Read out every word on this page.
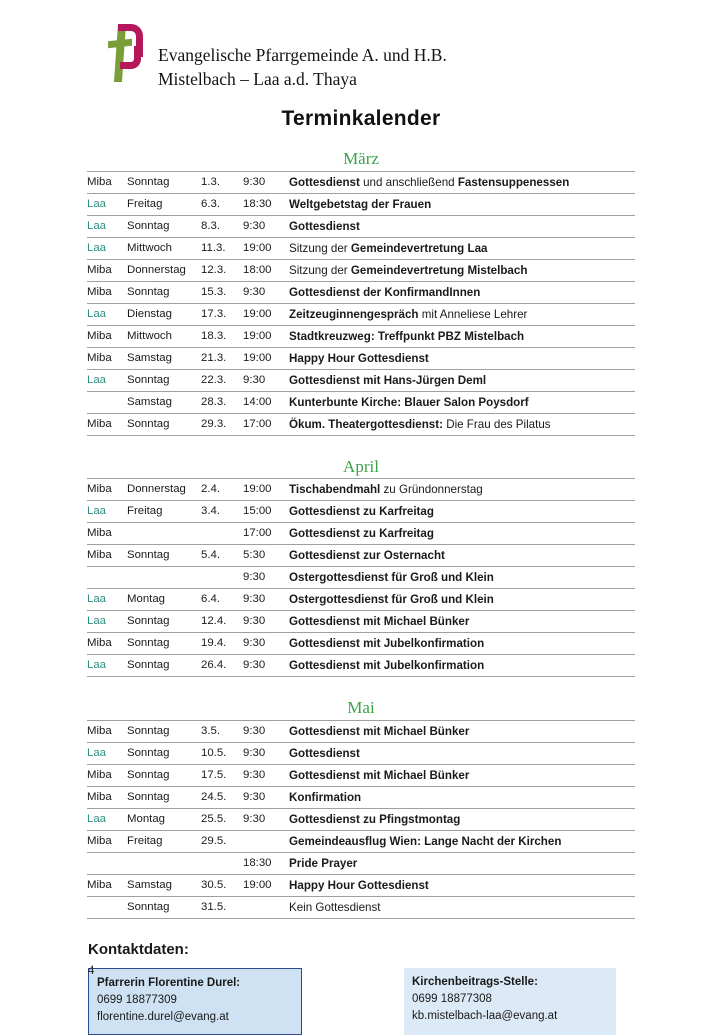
Evangelische Pfarrgemeinde A. und H.B.
Mistelbach – Laa a.d. Thaya
Terminkalender
März				
Miba	Sonntag	1.3.	9:30	Gottesdienst und anschließend Fastensuppenessen
Laa	Freitag	6.3.	18:30	Weltgebetstag der Frauen
Laa	Sonntag	8.3.	9:30	Gottesdienst
Laa	Mittwoch	11.3.	19:00	Sitzung der Gemeindevertretung Laa
Miba	Donnerstag	12.3.	18:00	Sitzung der Gemeindevertretung Mistelbach
Miba	Sonntag	15.3.	9:30	Gottesdienst der KonfirmandInnen
Laa	Dienstag	17.3.	19:00	Zeitzeuginnengespräch mit Anneliese Lehrer
Miba	Mittwoch	18.3.	19:00	Stadtkreuzweg: Treffpunkt PBZ Mistelbach
Miba	Samstag	21.3.	19:00	Happy Hour Gottesdienst
Laa	Sonntag	22.3.	9:30	Gottesdienst mit Hans-Jürgen Deml
	Samstag	28.3.	14:00	Kunterbunte Kirche: Blauer Salon Poysdorf
Miba	Sonntag	29.3.	17:00	Ökum. Theatergottesdienst: Die Frau des Pilatus

April				
Miba	Donnerstag	2.4.	19:00	Tischabendmahl zu Gründonnerstag
Laa	Freitag	3.4.	15:00	Gottesdienst zu Karfreitag
Miba			17:00	Gottesdienst zu Karfreitag
Miba	Sonntag	5.4.	5:30	Gottesdienst zur Osternacht
			9:30	Ostergottesdienst für Groß und Klein
Laa	Montag	6.4.	9:30	Ostergottesdienst für Groß und Klein
Laa	Sonntag	12.4.	9:30	Gottesdienst mit Michael Bünker
Miba	Sonntag	19.4.	9:30	Gottesdienst mit Jubelkonfirmation
Laa	Sonntag	26.4.	9:30	Gottesdienst mit Jubelkonfirmation

Mai				
Miba	Sonntag	3.5.	9:30	Gottesdienst mit Michael Bünker
Laa	Sonntag	10.5.	9:30	Gottesdienst
Miba	Sonntag	17.5.	9:30	Gottesdienst mit Michael Bünker
Miba	Sonntag	24.5.	9:30	Konfirmation
Laa	Montag	25.5.	9:30	Gottesdienst zu Pfingstmontag
Miba	Freitag	29.5.		Gemeindeausflug Wien: Lange Nacht der Kirchen
			18:30	Pride Prayer
Miba	Samstag	30.5.	19:00	Happy Hour Gottesdienst
	Sonntag	31.5.		Kein Gottesdienst
Kontaktdaten:
Pfarrerin Florentine Durel:
0699 18877309
florentine.durel@evang.at
Kirchenbeitrags-Stelle:
0699 18877308
kb.mistelbach-laa@evang.at
4
